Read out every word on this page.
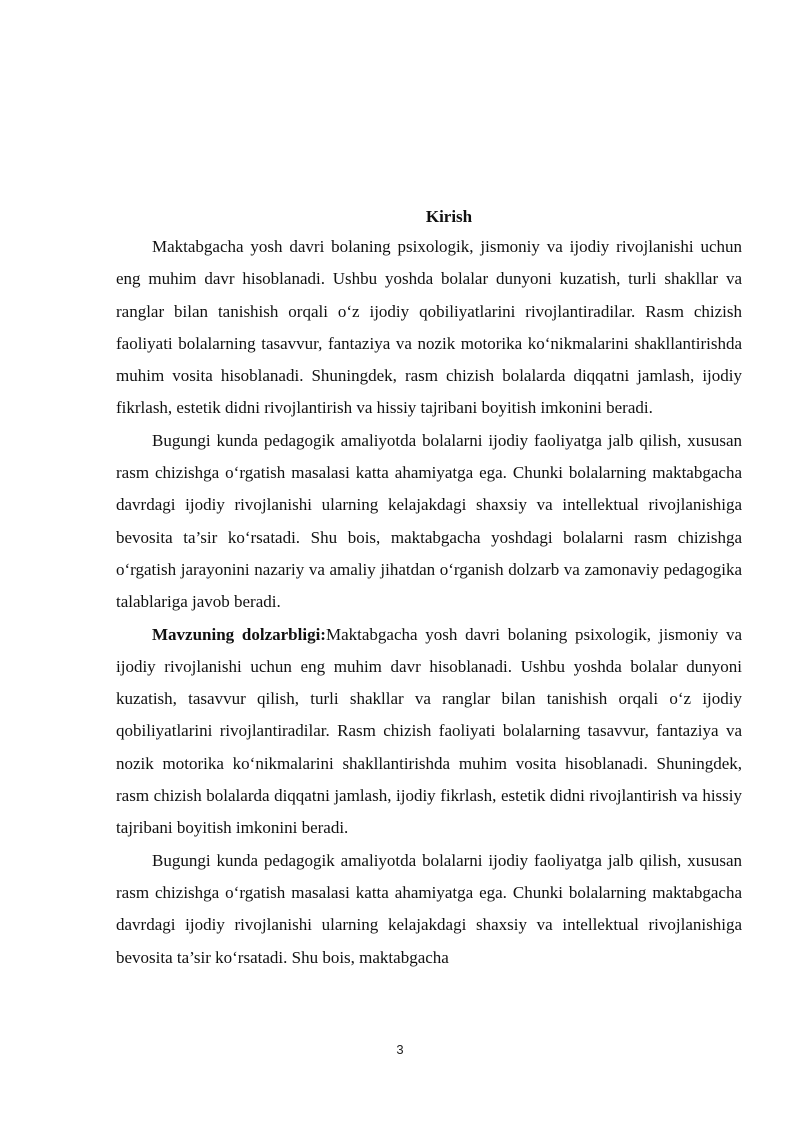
Kirish

Maktabgacha yosh davri bolaning psixologik, jismoniy va ijodiy rivojlanishi uchun eng muhim davr hisoblanadi. Ushbu yoshda bolalar dunyoni kuzatish, turli shakllar va ranglar bilan tanishish orqali o‘z ijodiy qobiliyatlarini rivojlantiradilar. Rasm chizish faoliyati bolalarning tasavvur, fantaziya va nozik motorika ko‘nikmalarini shakllantirishda muhim vosita hisoblanadi. Shuningdek, rasm chizish bolalarda diqqatni jamlash, ijodiy fikrlash, estetik didni rivojlantirish va hissiy tajribani boyitish imkonini beradi.

Bugungi kunda pedagogik amaliyotda bolalarni ijodiy faoliyatga jalb qilish, xususan rasm chizishga o‘rgatish masalasi katta ahamiyatga ega. Chunki bolalarning maktabgacha davrdagi ijodiy rivojlanishi ularning kelajakdagi shaxsiy va intellektual rivojlanishiga bevosita ta’sir ko‘rsatadi. Shu bois, maktabgacha yoshdagi bolalarni rasm chizishga o‘rgatish jarayonini nazariy va amaliy jihatdan o‘rganish dolzarb va zamonaviy pedagogika talablariga javob beradi.

Mavzuning dolzarbligi:Maktabgacha yosh davri bolaning psixologik, jismoniy va ijodiy rivojlanishi uchun eng muhim davr hisoblanadi. Ushbu yoshda bolalar dunyoni kuzatish, tasavvur qilish, turli shakllar va ranglar bilan tanishish orqali o‘z ijodiy qobiliyatlarini rivojlantiradilar. Rasm chizish faoliyati bolalarning tasavvur, fantaziya va nozik motorika ko‘nikmalarini shakllantirishda muhim vosita hisoblanadi. Shuningdek, rasm chizish bolalarda diqqatni jamlash, ijodiy fikrlash, estetik didni rivojlantirish va hissiy tajribani boyitish imkonini beradi.

Bugungi kunda pedagogik amaliyotda bolalarni ijodiy faoliyatga jalb qilish, xususan rasm chizishga o‘rgatish masalasi katta ahamiyatga ega. Chunki bolalarning maktabgacha davrdagi ijodiy rivojlanishi ularning kelajakdagi shaxsiy va intellektual rivojlanishiga bevosita ta’sir ko‘rsatadi. Shu bois, maktabgacha

3
